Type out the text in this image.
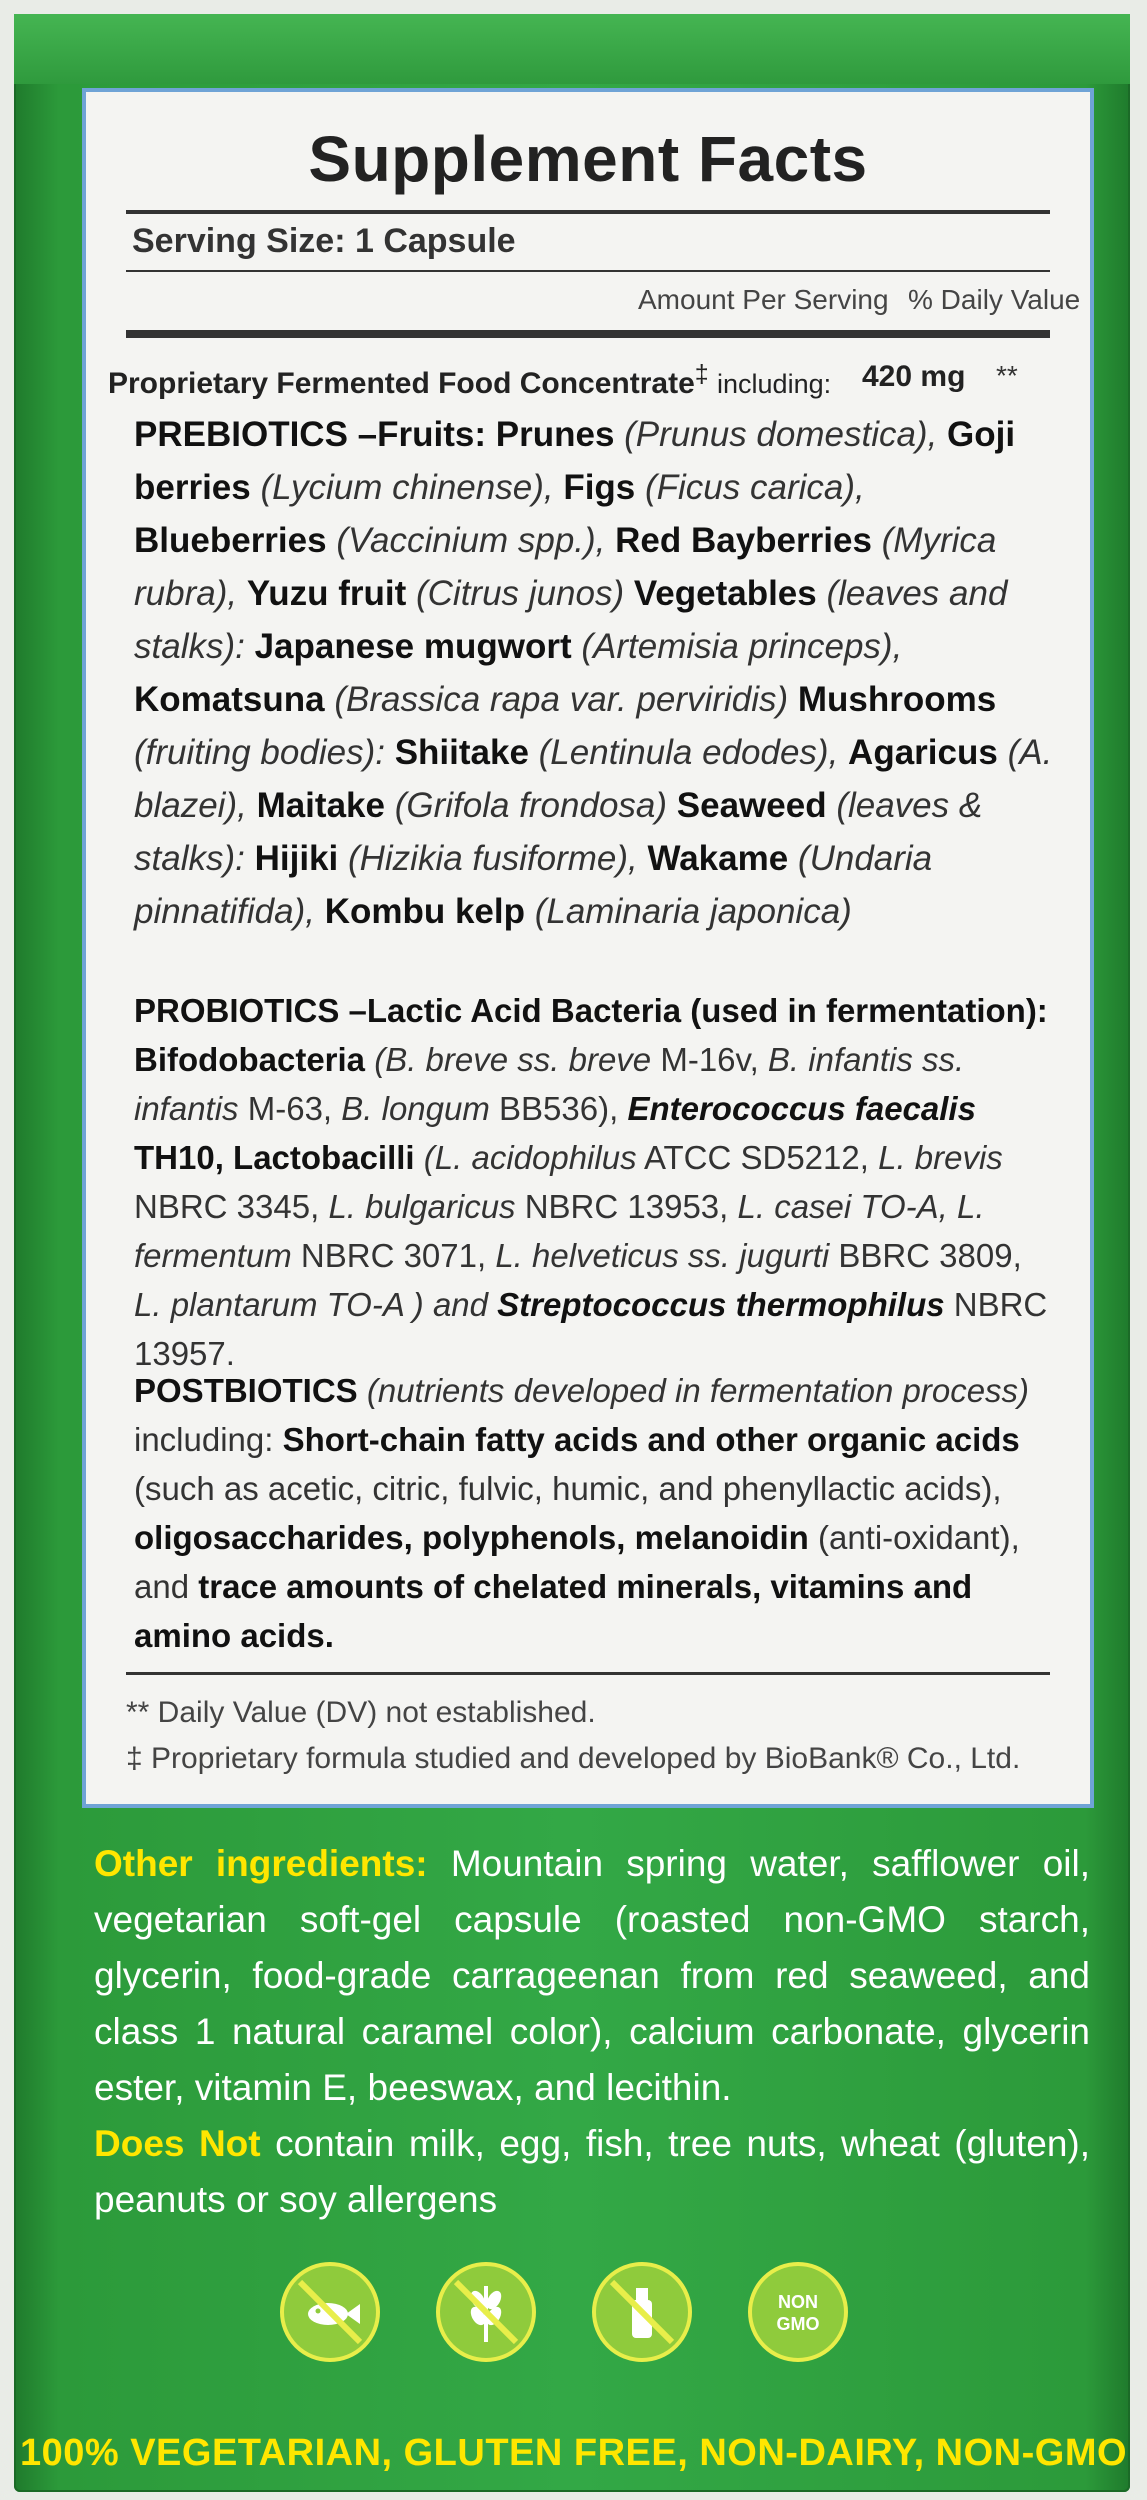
Supplement Facts
Serving Size: 1 Capsule
Amount Per Serving % Daily Value
Proprietary Fermented Food Concentrate‡ including:	420 mg **
PREBIOTICS –Fruits: Prunes (Prunus domestica), Goji berries (Lycium chinense), Figs (Ficus carica), Blueberries (Vaccinium spp.), Red Bayberries (Myrica rubra), Yuzu fruit (Citrus junos) Vegetables (leaves and stalks): Japanese mugwort (Artemisia princeps), Komatsuna (Brassica rapa var. perviridis) Mushrooms (fruiting bodies): Shiitake (Lentinula edodes), Agaricus (A. blazei), Maitake (Grifola frondosa) Seaweed (leaves & stalks): Hijiki (Hizikia fusiforme), Wakame (Undaria pinnatifida), Kombu kelp (Laminaria japonica)
PROBIOTICS –Lactic Acid Bacteria (used in fermentation): Bifodobacteria (B. breve ss. breve M-16v, B. infantis ss. infantis M-63, B. longum BB536), Enterococcus faecalis TH10, Lactobacilli (L. acidophilus ATCC SD5212, L. brevis NBRC 3345, L. bulgaricus NBRC 13953, L. casei TO-A, L. fermentum NBRC 3071, L. helveticus ss. jugurti BBRC 3809, L. plantarum TO-A ) and Streptococcus thermophilus NBRC 13957.
POSTBIOTICS (nutrients developed in fermentation process) including: Short-chain fatty acids and other organic acids (such as acetic, citric, fulvic, humic, and phenyllactic acids), oligosaccharides, polyphenols, melanoidin (anti-oxidant), and trace amounts of chelated minerals, vitamins and amino acids.
** Daily Value (DV) not established.
‡ Proprietary formula studied and developed by BioBank® Co., Ltd.
Other ingredients: Mountain spring water, safflower oil, vegetarian soft-gel capsule (roasted non-GMO starch, glycerin, food-grade carrageenan from red seaweed, and class 1 natural caramel color), calcium carbonate, glycerin ester, vitamin E, beeswax, and lecithin.
Does Not contain milk, egg, fish, tree nuts, wheat (gluten), peanuts or soy allergens
NON
GMO
100% VEGETARIAN, GLUTEN FREE, NON-DAIRY, NON-GMO
